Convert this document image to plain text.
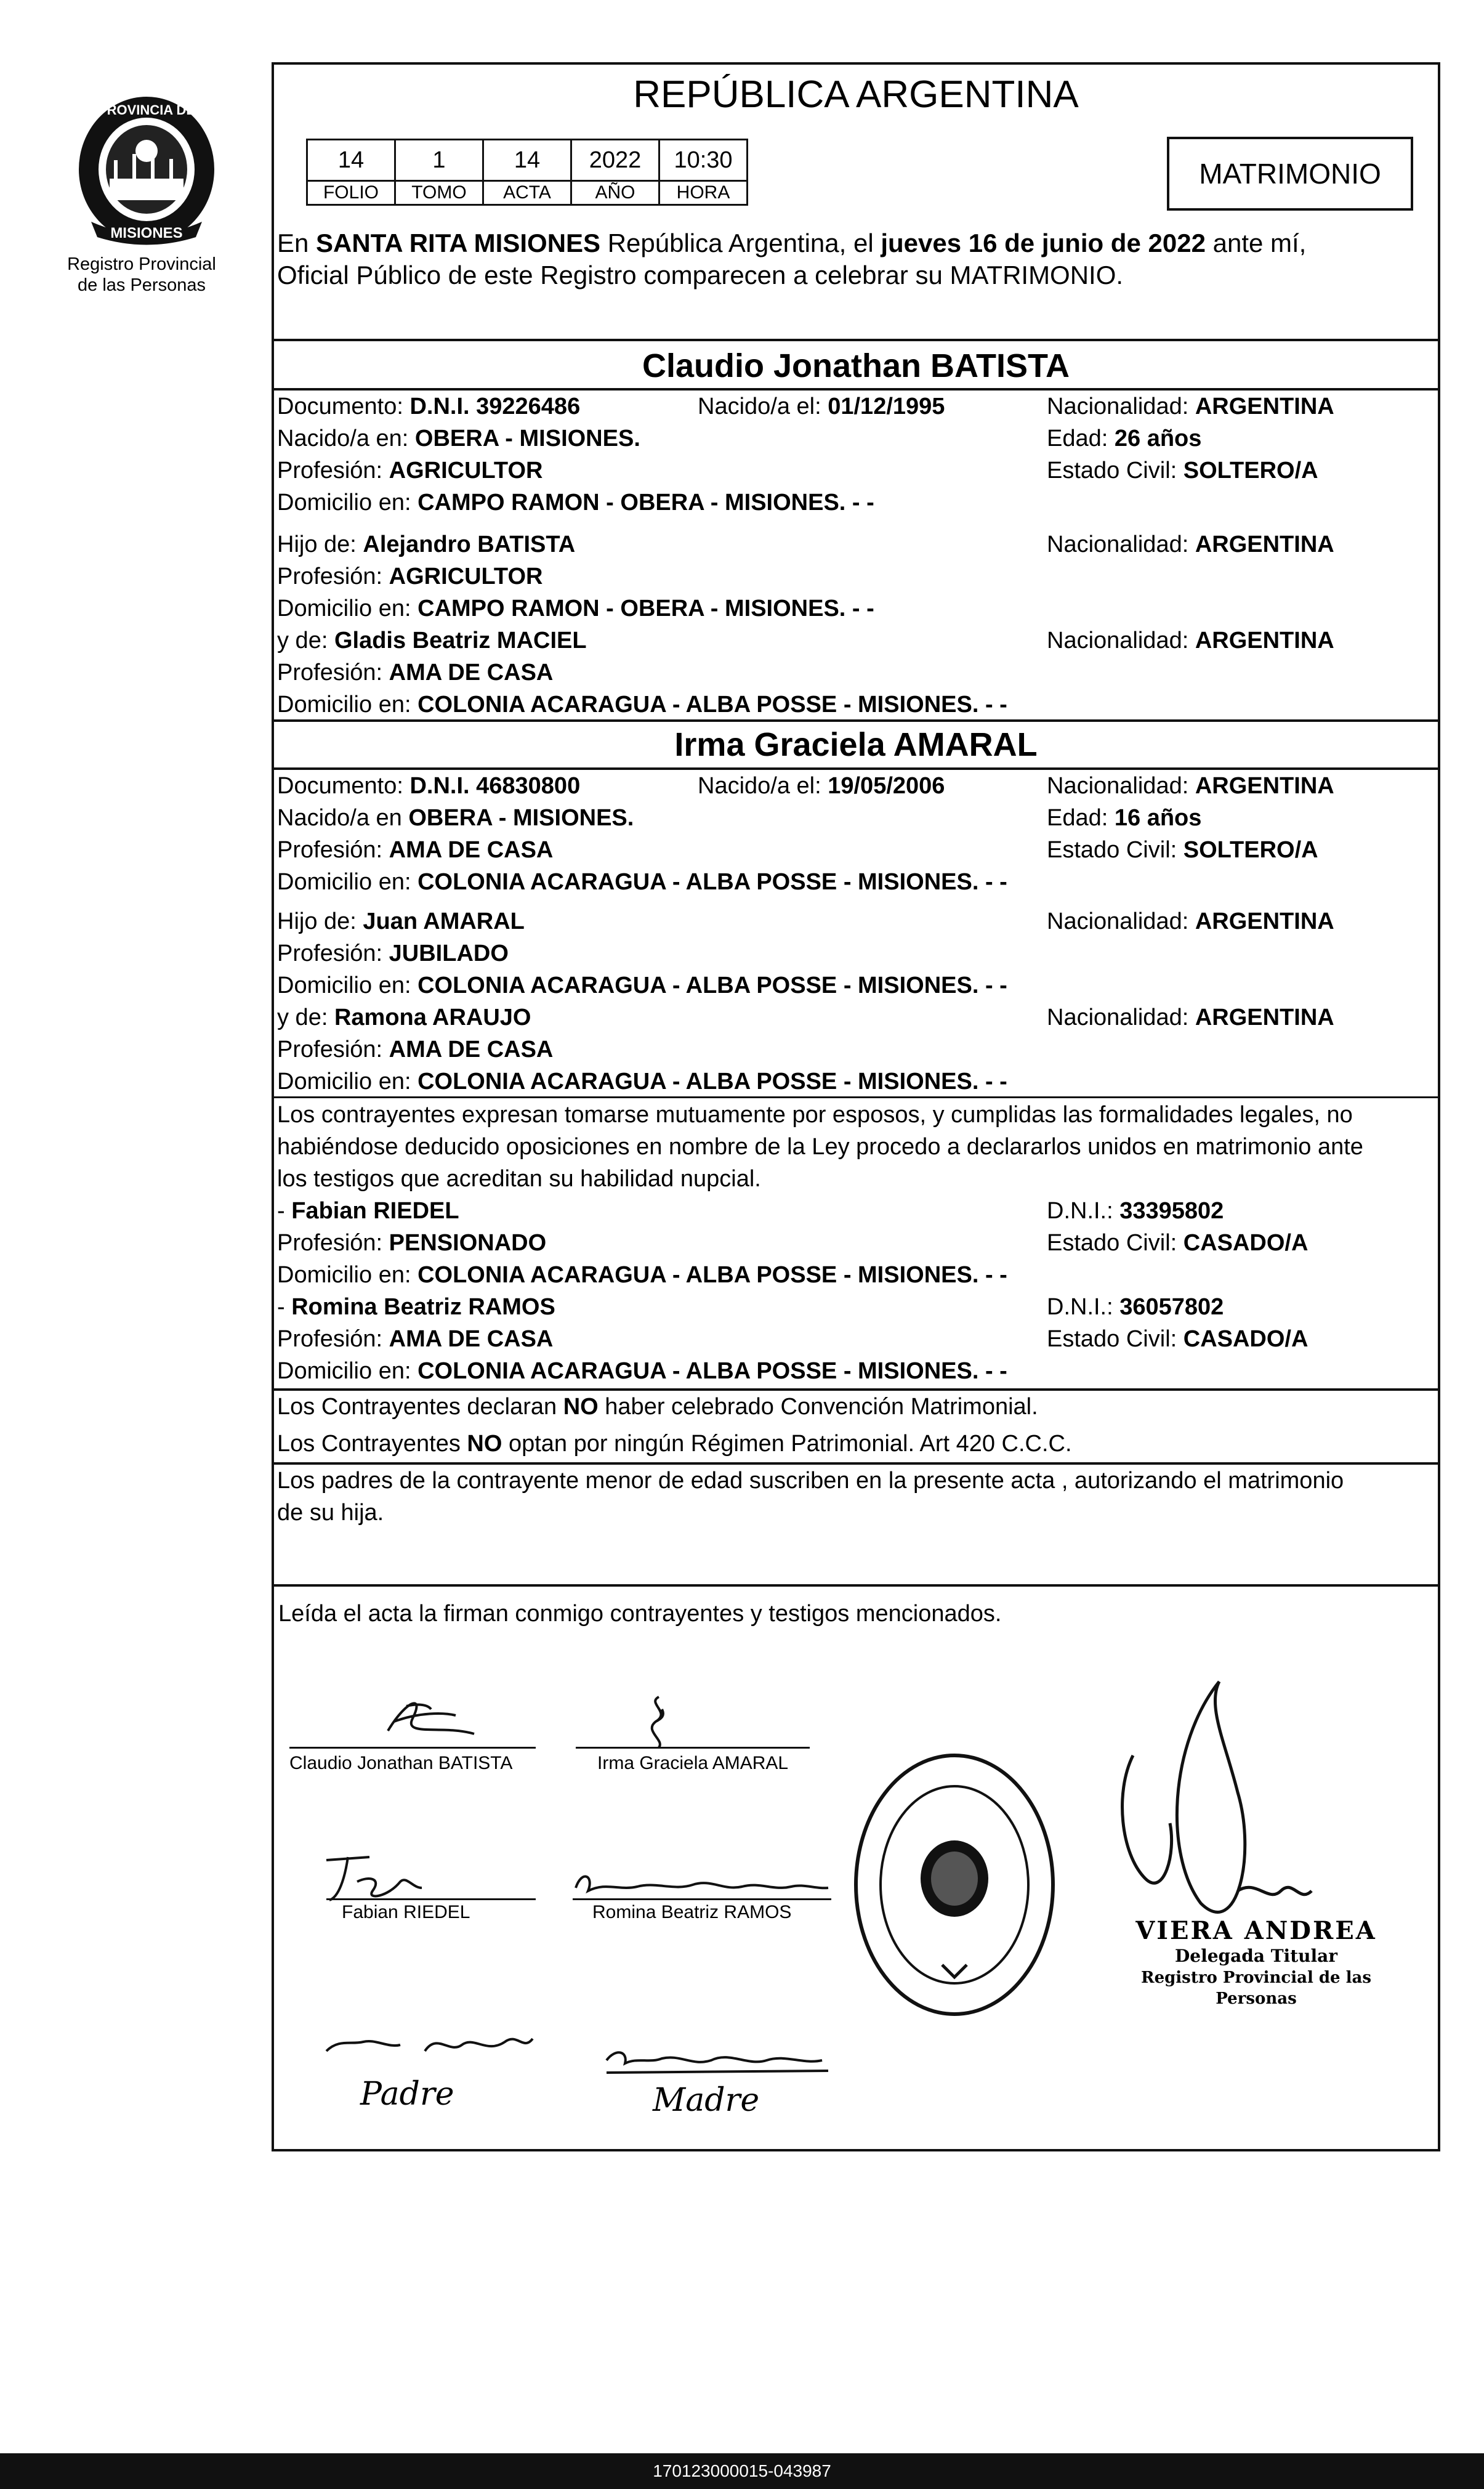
PROVINCIA DE
MISIONES
Registro Provincial
de las Personas
REPÚBLICA ARGENTINA
14	1	14	2022	10:30
FOLIO	TOMO	ACTA	AÑO	HORA
MATRIMONIO
En SANTA RITA MISIONES República Argentina, el jueves 16 de junio de 2022 ante mí,
Oficial Público de este Registro comparecen a celebrar su MATRIMONIO.
Claudio Jonathan BATISTA
Documento: D.N.I. 39226486	Nacido/a el: 01/12/1995	Nacionalidad: ARGENTINA
Nacido/a en: OBERA - MISIONES.	Edad: 26 años
Profesión: AGRICULTOR	Estado Civil: SOLTERO/A
Domicilio en: CAMPO RAMON - OBERA - MISIONES. - -
Hijo de: Alejandro BATISTA	Nacionalidad: ARGENTINA
Profesión: AGRICULTOR
Domicilio en: CAMPO RAMON - OBERA - MISIONES. - -
y de: Gladis Beatriz MACIEL	Nacionalidad: ARGENTINA
Profesión: AMA DE CASA
Domicilio en: COLONIA ACARAGUA - ALBA POSSE - MISIONES. - -
Irma Graciela AMARAL
Documento: D.N.I. 46830800	Nacido/a el: 19/05/2006	Nacionalidad: ARGENTINA
Nacido/a en OBERA - MISIONES.	Edad: 16 años
Profesión: AMA DE CASA	Estado Civil: SOLTERO/A
Domicilio en: COLONIA ACARAGUA - ALBA POSSE - MISIONES. - -
Hijo de: Juan AMARAL	Nacionalidad: ARGENTINA
Profesión: JUBILADO
Domicilio en: COLONIA ACARAGUA - ALBA POSSE - MISIONES. - -
y de: Ramona ARAUJO	Nacionalidad: ARGENTINA
Profesión: AMA DE CASA
Domicilio en: COLONIA ACARAGUA - ALBA POSSE - MISIONES. - -
Los contrayentes expresan tomarse mutuamente por esposos, y cumplidas las formalidades legales, no
habiéndose deducido oposiciones en nombre de la Ley procedo a declararlos unidos en matrimonio ante
los testigos que acreditan su habilidad nupcial.
- Fabian RIEDEL	D.N.I.: 33395802
Profesión: PENSIONADO	Estado Civil: CASADO/A
Domicilio en: COLONIA ACARAGUA - ALBA POSSE - MISIONES. - -
- Romina Beatriz RAMOS	D.N.I.: 36057802
Profesión: AMA DE CASA	Estado Civil: CASADO/A
Domicilio en: COLONIA ACARAGUA - ALBA POSSE - MISIONES. - -
Los Contrayentes declaran NO haber celebrado Convención Matrimonial.
Los Contrayentes NO optan por ningún Régimen Patrimonial. Art 420 C.C.C.
Los padres de la contrayente menor de edad suscriben en la presente acta , autorizando el matrimonio
de su hija.
Leída el acta la firman conmigo contrayentes y testigos mencionados.
Claudio Jonathan BATISTA	Irma Graciela AMARAL
Fabian RIEDEL	Romina Beatriz RAMOS
Padre	Madre
VIERA ANDREA
Delegada Titular
Registro Provincial de las Personas
170123000015-043987
